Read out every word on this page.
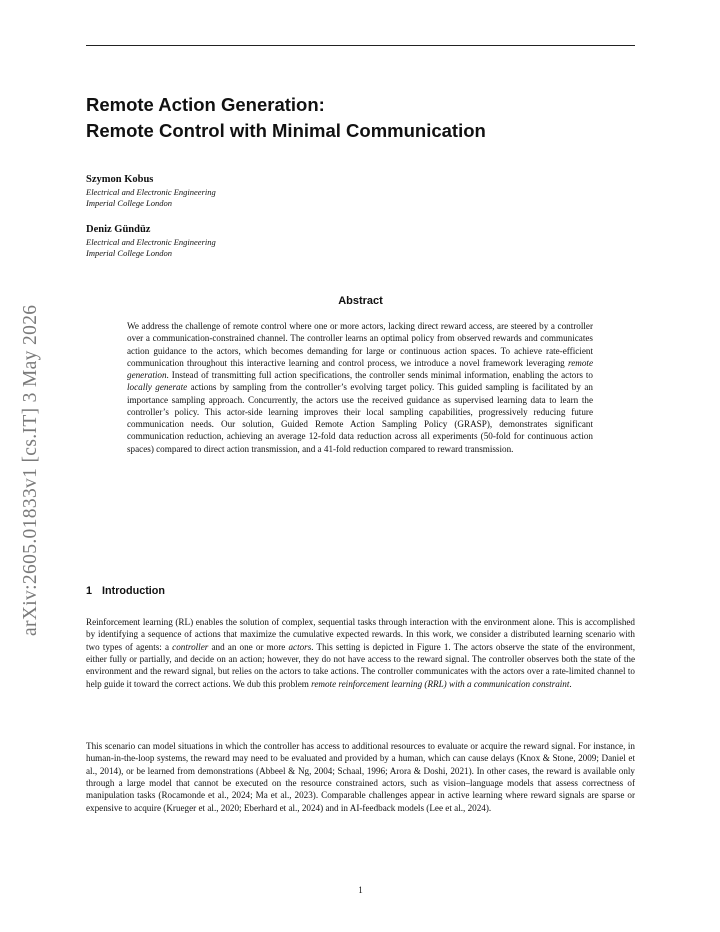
arXiv:2605.01833v1 [cs.IT] 3 May 2026
Remote Action Generation:
Remote Control with Minimal Communication
Szymon Kobus
Electrical and Electronic Engineering
Imperial College London
Deniz Gündüz
Electrical and Electronic Engineering
Imperial College London
Abstract

We address the challenge of remote control where one or more actors, lacking direct reward access, are steered by a controller over a communication-constrained channel. The controller learns an optimal policy from observed rewards and communicates action guidance to the actors, which becomes demanding for large or continuous action spaces. To achieve rate-efficient communication throughout this interactive learning and control process, we introduce a novel framework leveraging remote generation. Instead of transmitting full action specifications, the controller sends minimal information, enabling the actors to locally generate actions by sampling from the controller’s evolving target policy. This guided sampling is facilitated by an importance sampling approach. Concurrently, the actors use the received guidance as supervised learning data to learn the controller’s policy. This actor-side learning improves their local sampling capabilities, progressively reducing future communication needs. Our solution, Guided Remote Action Sampling Policy (GRASP), demonstrates significant communication reduction, achieving an average 12-fold data reduction across all experiments (50-fold for continuous action spaces) compared to direct action transmission, and a 41-fold reduction compared to reward transmission.

1 Introduction

Reinforcement learning (RL) enables the solution of complex, sequential tasks through interaction with the environment alone. This is accomplished by identifying a sequence of actions that maximize the cumulative expected rewards. In this work, we consider a distributed learning scenario with two types of agents: a controller and an one or more actors. This setting is depicted in Figure 1. The actors observe the state of the environment, either fully or partially, and decide on an action; however, they do not have access to the reward signal. The controller observes both the state of the environment and the reward signal, but relies on the actors to take actions. The controller communicates with the actors over a rate-limited channel to help guide it toward the correct actions. We dub this problem remote reinforcement learning (RRL) with a communication constraint.

This scenario can model situations in which the controller has access to additional resources to evaluate or acquire the reward signal. For instance, in human-in-the-loop systems, the reward may need to be evaluated and provided by a human, which can cause delays (Knox & Stone, 2009; Daniel et al., 2014), or be learned from demonstrations (Abbeel & Ng, 2004; Schaal, 1996; Arora & Doshi, 2021). In other cases, the reward is available only through a large model that cannot be executed on the resource constrained actors, such as vision–language models that assess correctness of manipulation tasks (Rocamonde et al., 2024; Ma et al., 2023). Comparable challenges appear in active learning where reward signals are sparse or expensive to acquire (Krueger et al., 2020; Eberhard et al., 2024) and in AI-feedback models (Lee et al., 2024).

1
